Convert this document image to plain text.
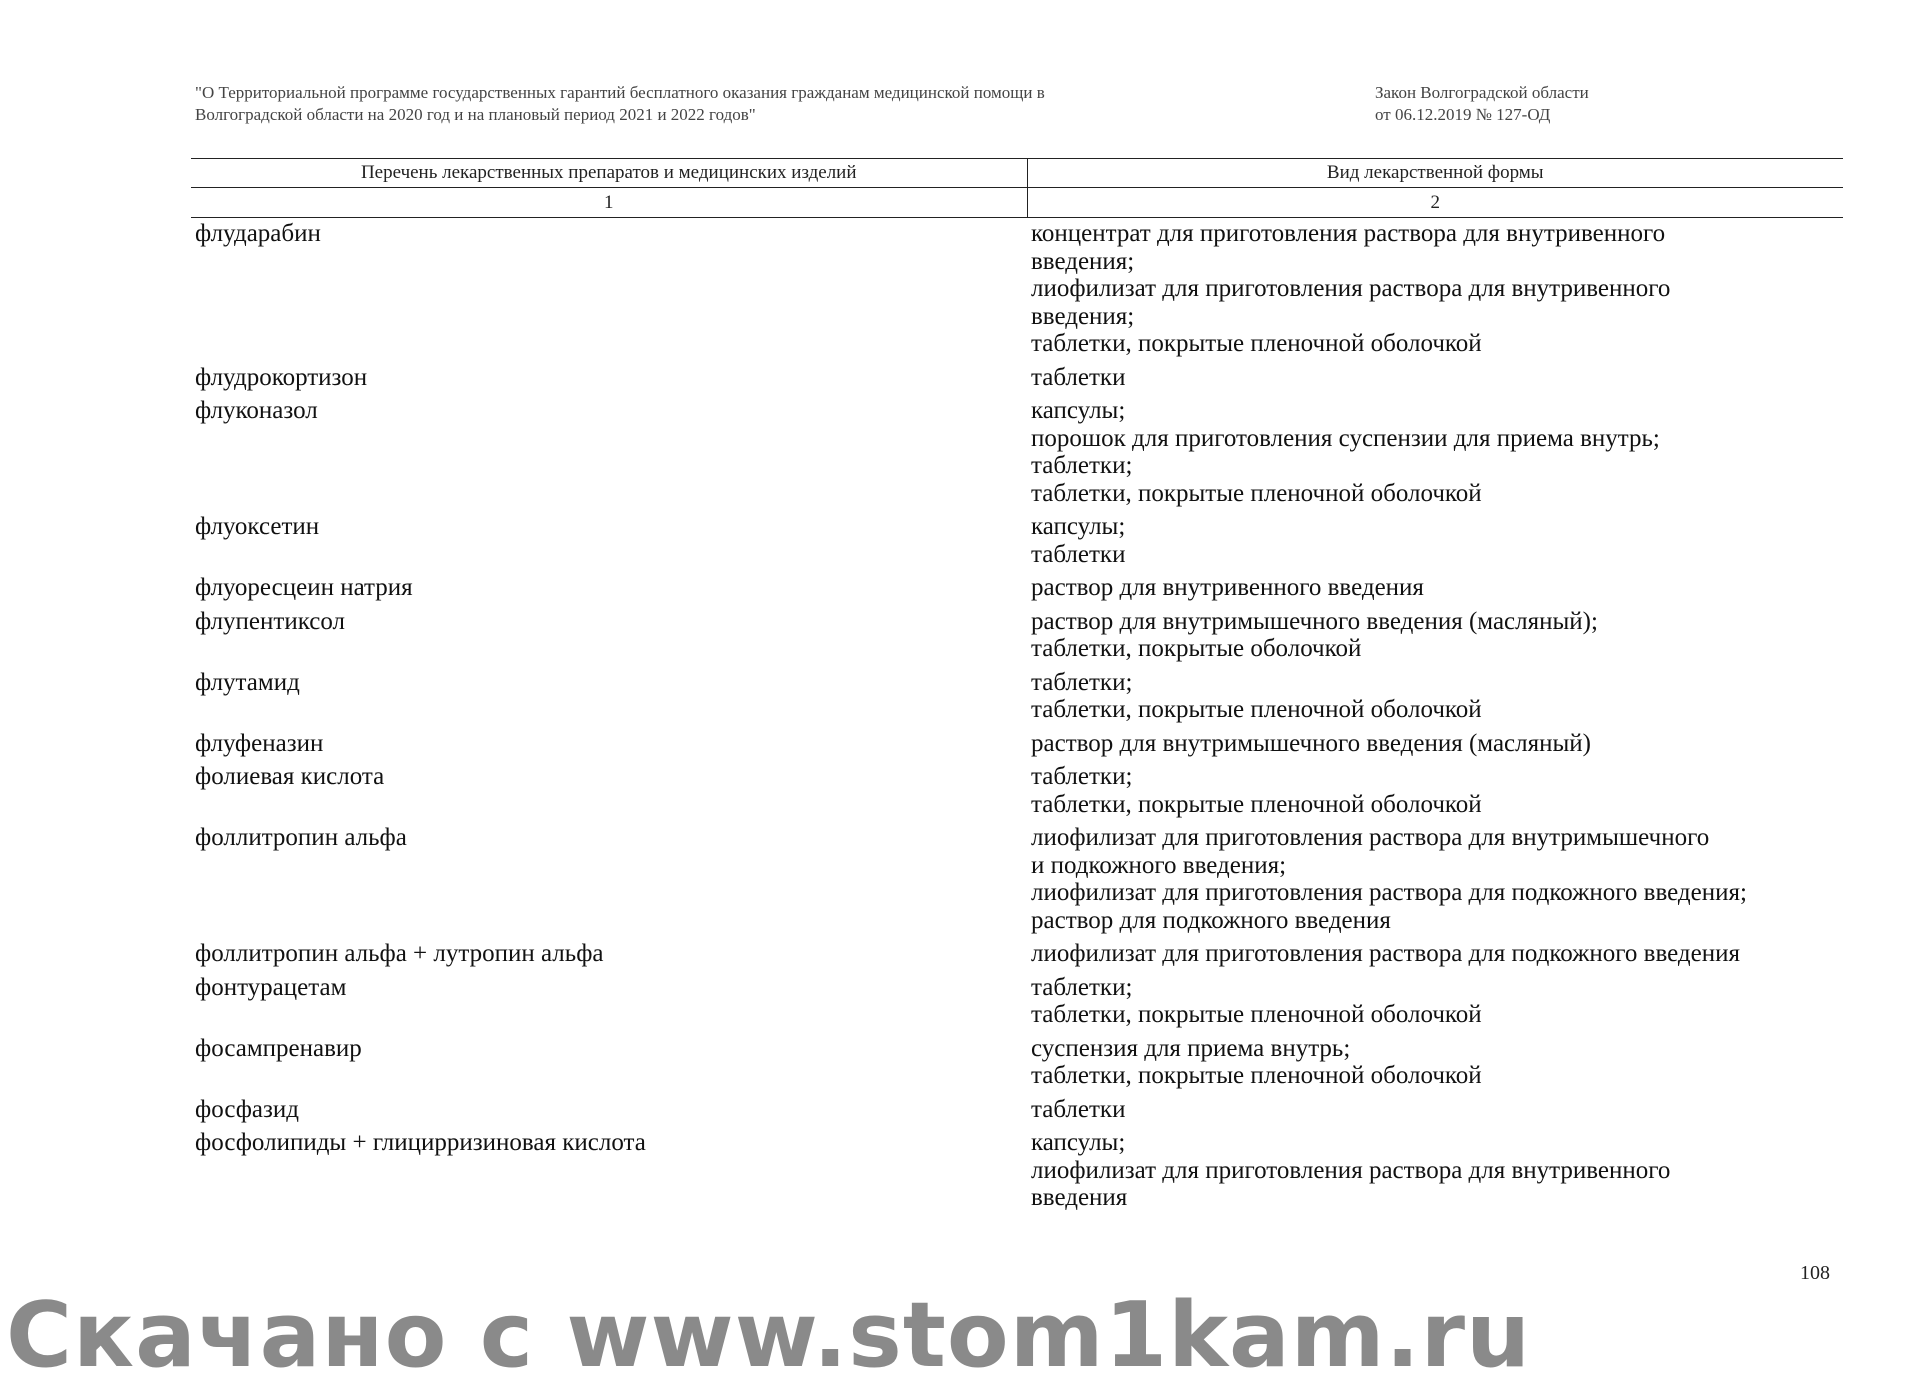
"О Территориальной программе государственных гарантий бесплатного оказания гражданам медицинской помощи в
Волгоградской области на 2020 год и на плановый период 2021 и 2022 годов"
Закон Волгоградской области
от 06.12.2019 № 127-ОД
Перечень лекарственных препаратов и медицинских изделий	Вид лекарственной формы
1	2
флударабин	концентрат для приготовления раствора для внутривенного
введения;
лиофилизат для приготовления раствора для внутривенного
введения;
таблетки, покрытые пленочной оболочкой

флудрокортизон	таблетки

флуконазол	капсулы;
порошок для приготовления суспензии для приема внутрь;
таблетки;
таблетки, покрытые пленочной оболочкой

флуоксетин	капсулы;
таблетки

флуоресцеин натрия	раствор для внутривенного введения

флупентиксол	раствор для внутримышечного введения (масляный);
таблетки, покрытые оболочкой

флутамид	таблетки;
таблетки, покрытые пленочной оболочкой

флуфеназин	раствор для внутримышечного введения (масляный)

фолиевая кислота	таблетки;
таблетки, покрытые пленочной оболочкой

фоллитропин альфа	лиофилизат для приготовления раствора для внутримышечного
и подкожного введения;
лиофилизат для приготовления раствора для подкожного введения;
раствор для подкожного введения

фоллитропин альфа + лутропин альфа	лиофилизат для приготовления раствора для подкожного введения

фонтурацетам	таблетки;
таблетки, покрытые пленочной оболочкой

фосампренавир	суспензия для приема внутрь;
таблетки, покрытые пленочной оболочкой

фосфазид	таблетки

фосфолипиды + глицирризиновая кислота	капсулы;
лиофилизат для приготовления раствора для внутривенного
введения
108
Скачано с www.stom1kam.ru
